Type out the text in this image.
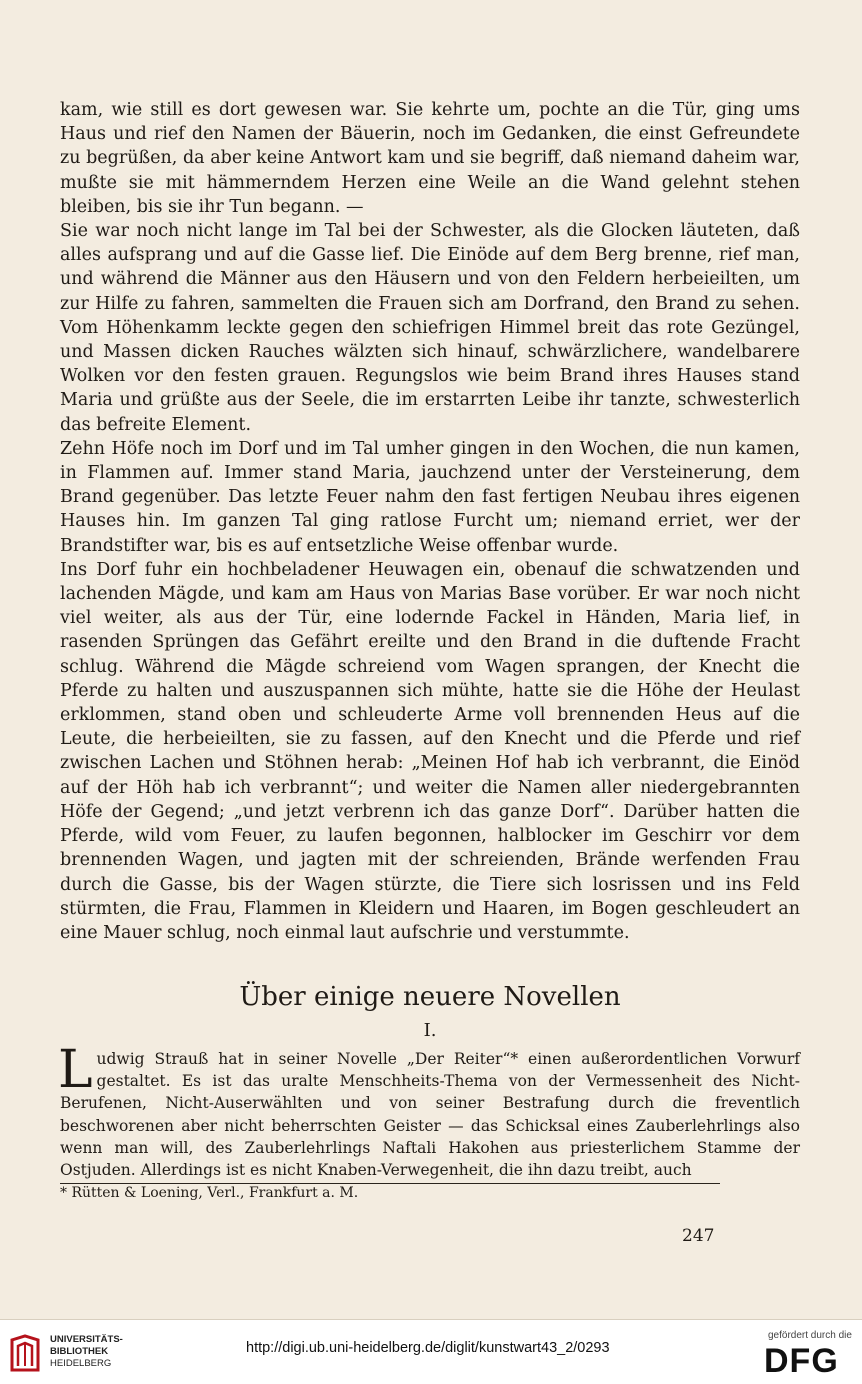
kam, wie still es dort gewesen war. Sie kehrte um, pochte an die Tür, ging ums Haus und rief den Namen der Bäuerin, noch im Gedanken, die einst Gefreundete zu begrüßen, da aber keine Antwort kam und sie begriff, daß niemand daheim war, mußte sie mit hämmerndem Herzen eine Weile an die Wand gelehnt stehen bleiben, bis sie ihr Tun begann. —

Sie war noch nicht lange im Tal bei der Schwester, als die Glocken läuteten, daß alles aufsprang und auf die Gasse lief. Die Einöde auf dem Berg brenne, rief man, und während die Männer aus den Häusern und von den Feldern herbeieilten, um zur Hilfe zu fahren, sammelten die Frauen sich am Dorfrand, den Brand zu sehen. Vom Höhenkamm leckte gegen den schiefrigen Himmel breit das rote Gezüngel, und Massen dicken Rauches wälzten sich hinauf, schwärzlichere, wandelbarere Wolken vor den festen grauen. Regungslos wie beim Brand ihres Hauses stand Maria und grüßte aus der Seele, die im erstarrten Leibe ihr tanzte, schwesterlich das befreite Element.

Zehn Höfe noch im Dorf und im Tal umher gingen in den Wochen, die nun kamen, in Flammen auf. Immer stand Maria, jauchzend unter der Versteinerung, dem Brand gegenüber. Das letzte Feuer nahm den fast fertigen Neubau ihres eigenen Hauses hin. Im ganzen Tal ging ratlose Furcht um; niemand erriet, wer der Brandstifter war, bis es auf entsetzliche Weise offenbar wurde.

Ins Dorf fuhr ein hochbeladener Heuwagen ein, obenauf die schwatzenden und lachenden Mägde, und kam am Haus von Marias Base vorüber. Er war noch nicht viel weiter, als aus der Tür, eine lodernde Fackel in Händen, Maria lief, in rasenden Sprüngen das Gefährt ereilte und den Brand in die duftende Fracht schlug. Während die Mägde schreiend vom Wagen sprangen, der Knecht die Pferde zu halten und auszuspannen sich mühte, hatte sie die Höhe der Heulast erklommen, stand oben und schleuderte Arme voll brennenden Heus auf die Leute, die herbeieilten, sie zu fassen, auf den Knecht und die Pferde und rief zwischen Lachen und Stöhnen herab: „Meinen Hof hab ich verbrannt, die Einöd auf der Höh hab ich verbrannt“; und weiter die Namen aller niedergebrannten Höfe der Gegend; „und jetzt verbrenn ich das ganze Dorf“. Darüber hatten die Pferde, wild vom Feuer, zu laufen begonnen, halblocker im Geschirr vor dem brennenden Wagen, und jagten mit der schreienden, Brände werfenden Frau durch die Gasse, bis der Wagen stürzte, die Tiere sich losrissen und ins Feld stürmten, die Frau, Flammen in Kleidern und Haaren, im Bogen geschleudert an eine Mauer schlug, noch einmal laut aufschrie und verstummte.

Über einige neuere Novellen
I.

Ludwig Strauß hat in seiner Novelle „Der Reiter“* einen außerordentlichen Vorwurf gestaltet. Es ist das uralte Menschheits-Thema von der Vermessenheit des Nicht-Berufenen, Nicht-Auserwählten und von seiner Bestrafung durch die freventlich beschworenen aber nicht beherrschten Geister — das Schicksal eines Zauberlehrlings also wenn man will, des Zauberlehrlings Naftali Hakohen aus priesterlichem Stamme der Ostjuden. Allerdings ist es nicht Knaben-Verwegenheit, die ihn dazu treibt, auch

* Rütten & Loening, Verl., Frankfurt a. M.
247
UNIVERSITÄTS-
BIBLIOTHEK
HEIDELBERG
http://digi.ub.uni-heidelberg.de/diglit/kunstwart43_2/0293
gefördert durch die
DFG
